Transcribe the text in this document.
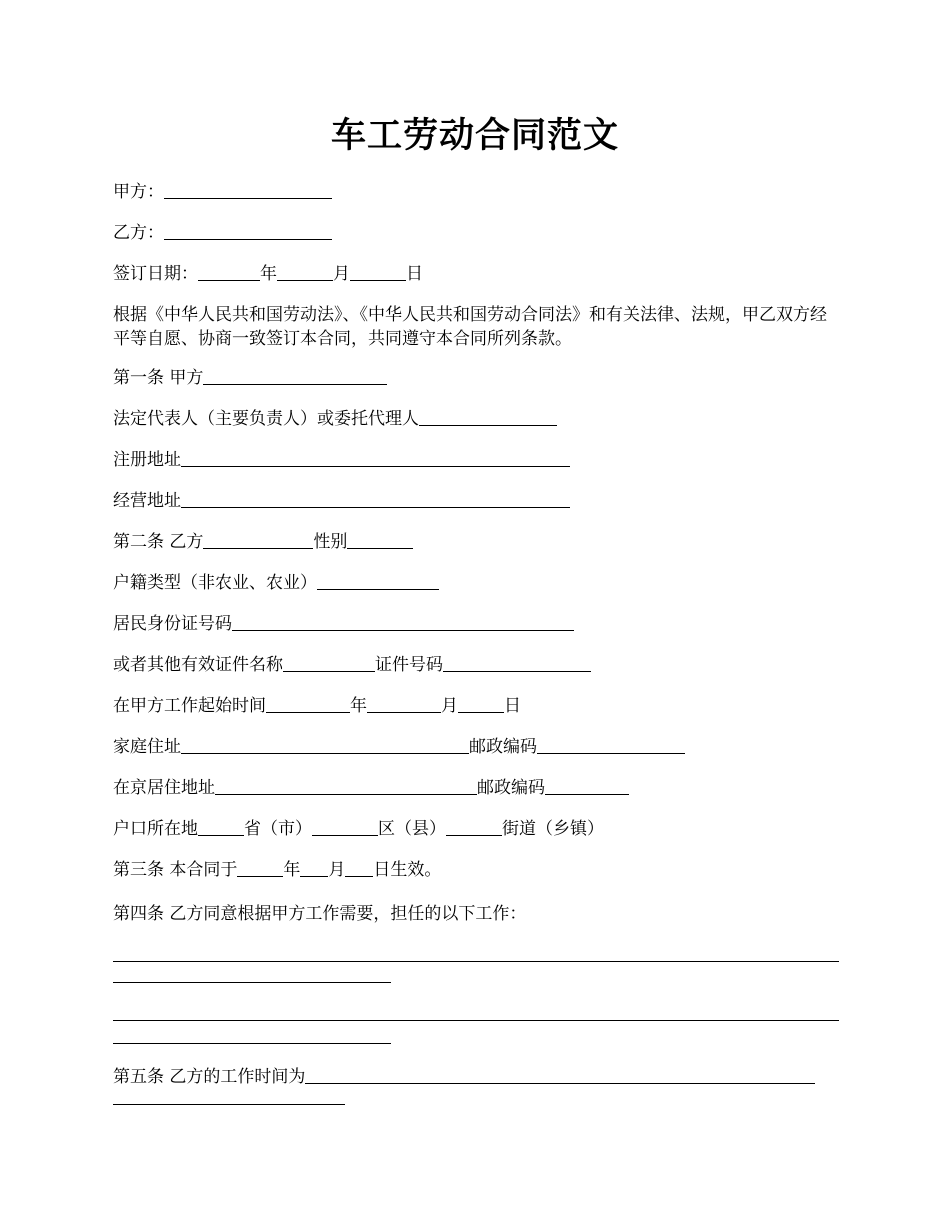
车工劳动合同范文
甲方：
乙方：
签订日期：	年	月	日
根据《中华人民共和国劳动法》、《中华人民共和国劳动合同法》和有关法律、法规，甲乙双方经平等自愿、协商一致签订本合同，共同遵守本合同所列条款。
第一条 甲方
法定代表人（主要负责人）或委托代理人
注册地址
经营地址
第二条 乙方	性别
户籍类型（非农业、农业）
居民身份证号码
或者其他有效证件名称	证件号码
在甲方工作起始时间	年	月	日
家庭住址	邮政编码
在京居住地址	邮政编码
户口所在地	省（市）	区（县）	街道（乡镇）
第三条 本合同于	年 月 日生效。
第四条 乙方同意根据甲方工作需要，担任的以下工作：
第五条 乙方的工作时间为
